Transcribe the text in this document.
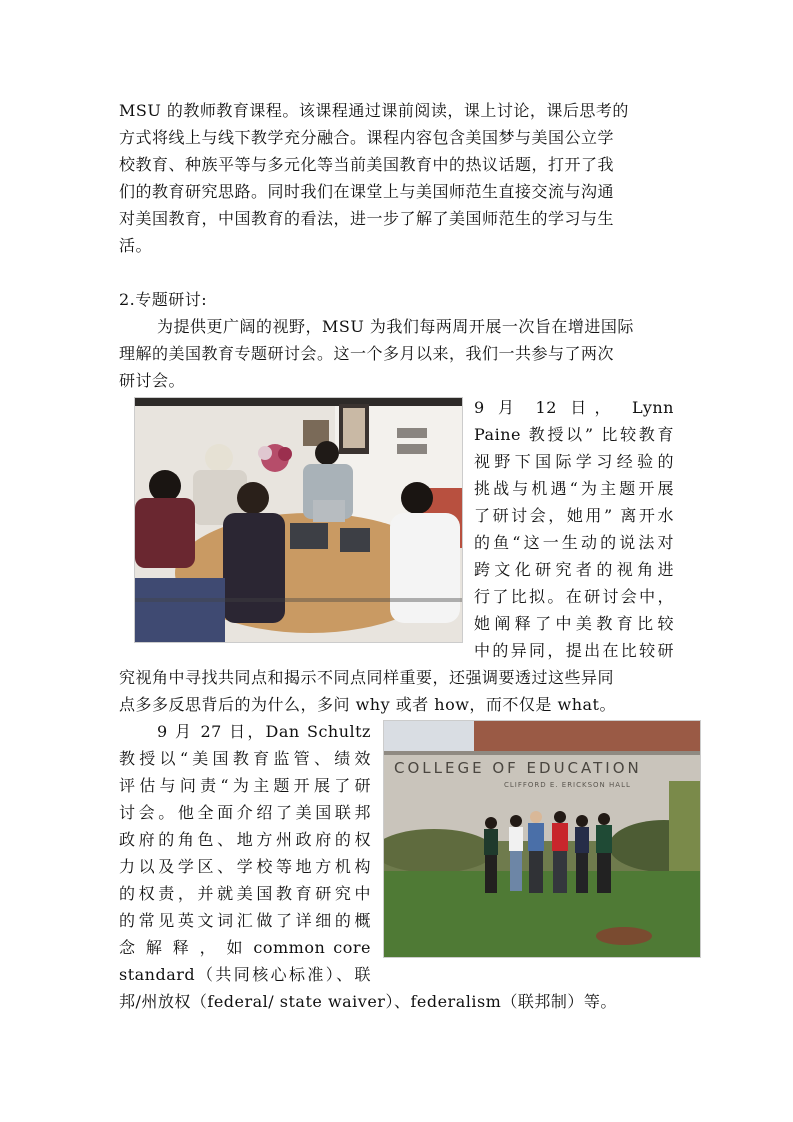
MSU 的教师教育课程。该课程通过课前阅读，课上讨论，课后思考的

方式将线上与线下教学充分融合。课程内容包含美国梦与美国公立学

校教育、种族平等与多元化等当前美国教育中的热议话题，打开了我

们的教育研究思路。同时我们在课堂上与美国师范生直接交流与沟通

对美国教育，中国教育的看法，进一步了解了美国师范生的学习与生

活。

2.专题研讨:

为提供更广阔的视野，MSU 为我们每两周开展一次旨在增进国际

理解的美国教育专题研讨会。这一个多月以来，我们一共参与了两次

研讨会。

9 月 12 日， Lynn

Paine 教授以” 比较教育

视野下国际学习经验的

挑战与机遇“为主题开展

了研讨会，她用” 离开水

的鱼“这一生动的说法对

跨文化研究者的视角进

行了比拟。在研讨会中，

她阐释了中美教育比较

中的异同，提出在比较研

究视角中寻找共同点和揭示不同点同样重要，还强调要透过这些异同

点多多反思背后的为什么，多问 why 或者 how，而不仅是 what。

9 月 27 日，Dan Schultz

教授以“美国教育监管、绩效

评估与问责“为主题开展了研

讨会。他全面介绍了美国联邦

政府的角色、地方州政府的权

力以及学区、学校等地方机构

的权责，并就美国教育研究中

的常见英文词汇做了详细的概

念 解 释 ， 如 common core

standard（共同核心标准）、联

邦/州放权（federal/ state waiver）、federalism（联邦制）等。

COLLEGE OF EDUCATION
CLIFFORD E. ERICKSON HALL
